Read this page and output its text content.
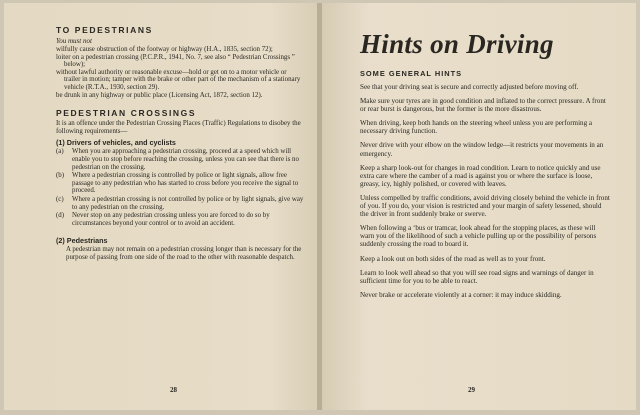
TO PEDESTRIANS
You must not

wilfully cause obstruction of the footway or highway (H.A., 1835, section 72);

loiter on a pedestrian crossing (P.C.P.R., 1941, No. 7, see also “ Pedestrian Crossings ” below);

without lawful authority or reasonable excuse—hold or get on to a motor vehicle or trailer in motion; tamper with the brake or other part of the mechanism of a stationary vehicle (R.T.A., 1930, section 29).

be drunk in any highway or public place (Licensing Act, 1872, section 12).

PEDESTRIAN CROSSINGS

It is an offence under the Pedestrian Crossing Places (Traffic) Regulations to disobey the following requirements—

(1) Drivers of vehicles, and cyclists
(a)	When you are approaching a pedestrian crossing, proceed at a speed which will enable you to stop before reaching the crossing, unless you can see that there is no pedestrian on the crossing.
(b)	Where a pedestrian crossing is controlled by police or light signals, allow free passage to any pedestrian who has started to cross before you receive the signal to proceed.
(c)	Where a pedestrian crossing is not controlled by police or by light signals, give way to any pedestrian on the crossing.
(d)	Never stop on any pedestrian crossing unless you are forced to do so by circumstances beyond your control or to avoid an accident.
(2) Pedestrians
A pedestrian may not remain on a pedestrian crossing longer than is necessary for the purpose of passing from one side of the road to the other with reasonable despatch.
28
Hints on Driving
SOME GENERAL HINTS

See that your driving seat is secure and correctly adjusted before moving off.

Make sure your tyres are in good condition and inflated to the correct pressure. A front or rear burst is dangerous, but the former is the more disastrous.

When driving, keep both hands on the steering wheel unless you are performing a necessary driving function.

Never drive with your elbow on the window ledge—it restricts your movements in an emergency.

Keep a sharp look-out for changes in road condition. Learn to notice quickly and use extra care where the camber of a road is against you or where the surface is loose, greasy, icy, highly polished, or covered with leaves.

Unless compelled by traffic conditions, avoid driving closely behind the vehicle in front of you. If you do, your vision is restricted and your margin of safety lessened, should the driver in front suddenly brake or swerve.

When following a ‘bus or tramcar, look ahead for the stopping places, as these will warn you of the likelihood of such a vehicle pulling up or the possibility of persons suddenly crossing the road to board it.

Keep a look out on both sides of the road as well as to your front.

Learn to look well ahead so that you will see road signs and warnings of danger in sufficient time for you to be able to react.

Never brake or accelerate violently at a corner: it may induce skidding.

29
